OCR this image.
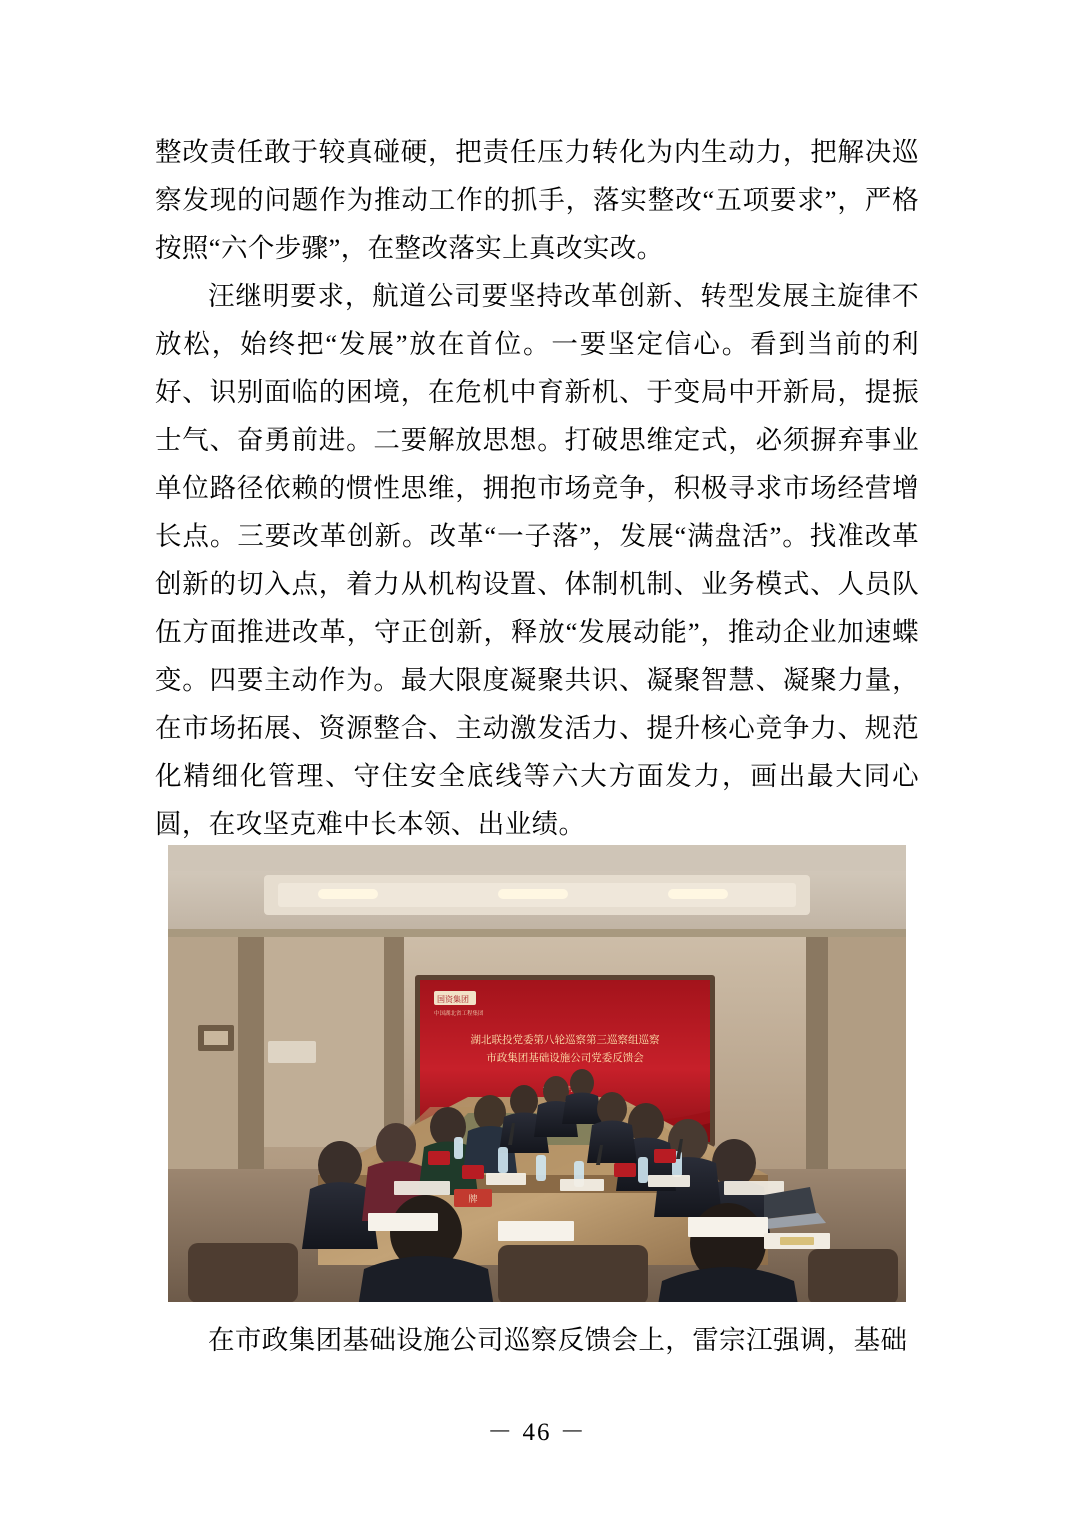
整改责任敢于较真碰硬，把责任压力转化为内生动力，把解决巡察发现的问题作为推动工作的抓手，落实整改“五项要求”，严格按照“六个步骤”，在整改落实上真改实改。

汪继明要求，航道公司要坚持改革创新、转型发展主旋律不放松，始终把“发展”放在首位。一要坚定信心。看到当前的利好、识别面临的困境，在危机中育新机、于变局中开新局，提振士气、奋勇前进。二要解放思想。打破思维定式，必须摒弃事业单位路径依赖的惯性思维，拥抱市场竞争，积极寻求市场经营增长点。三要改革创新。改革“一子落”，发展“满盘活”。找准改革创新的切入点，着力从机构设置、体制机制、业务模式、人员队伍方面推进改革，守正创新，释放“发展动能”，推动企业加速蝶变。四要主动作为。最大限度凝聚共识、凝聚智慧、凝聚力量，在市场拓展、资源整合、主动激发活力、提升核心竞争力、规范化精细化管理、守住安全底线等六大方面发力，画出最大同心圆，在攻坚克难中长本领、出业绩。

国资集团
中国湖北省工程集团
湖北联投党委第八轮巡察第三巡察组巡察
市政集团基础设施公司党委反馈会
牌
在市政集团基础设施公司巡察反馈会上，雷宗江强调，基础
－ 46 －
